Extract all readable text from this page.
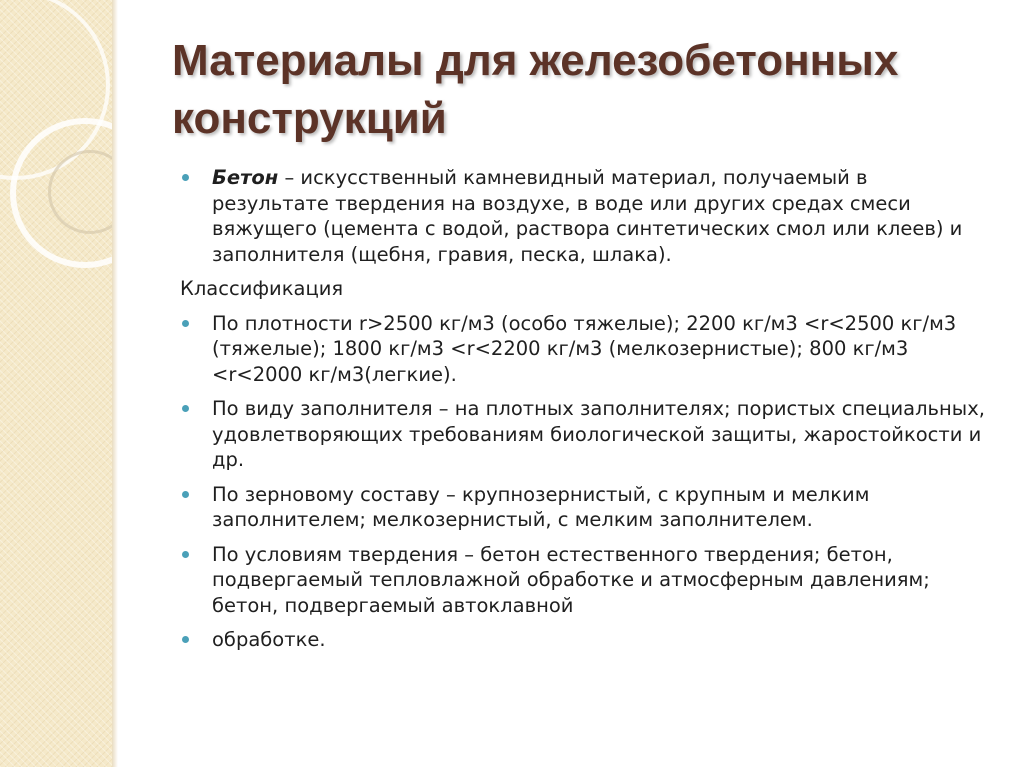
Материалы для железобетонных конструкций
Бетон – искусственный камневидный материал, получаемый в результате твердения на воздухе, в воде или других средах смеси вяжущего (цемента с водой, раствора синтетических смол или клеев) и заполнителя (щебня, гравия, песка, шлака).
Классификация
По плотности r>2500 кг/м3 (особо тяжелые); 2200 кг/м3 <r<2500 кг/м3 (тяжелые); 1800 кг/м3 <r<2200 кг/м3 (мелкозернистые); 800 кг/м3 <r<2000 кг/м3(легкие).
По виду заполнителя – на плотных заполнителях; пористых специальных, удовлетворяющих требованиям биологической защиты, жаростойкости и др.
По зерновому составу – крупнозернистый, с крупным и мелким заполнителем; мелкозернистый, с мелким заполнителем.
По условиям твердения – бетон естественного твердения; бетон, подвергаемый тепловлажной обработке и атмосферным давлениям; бетон, подвергаемый автоклавной
обработке.
